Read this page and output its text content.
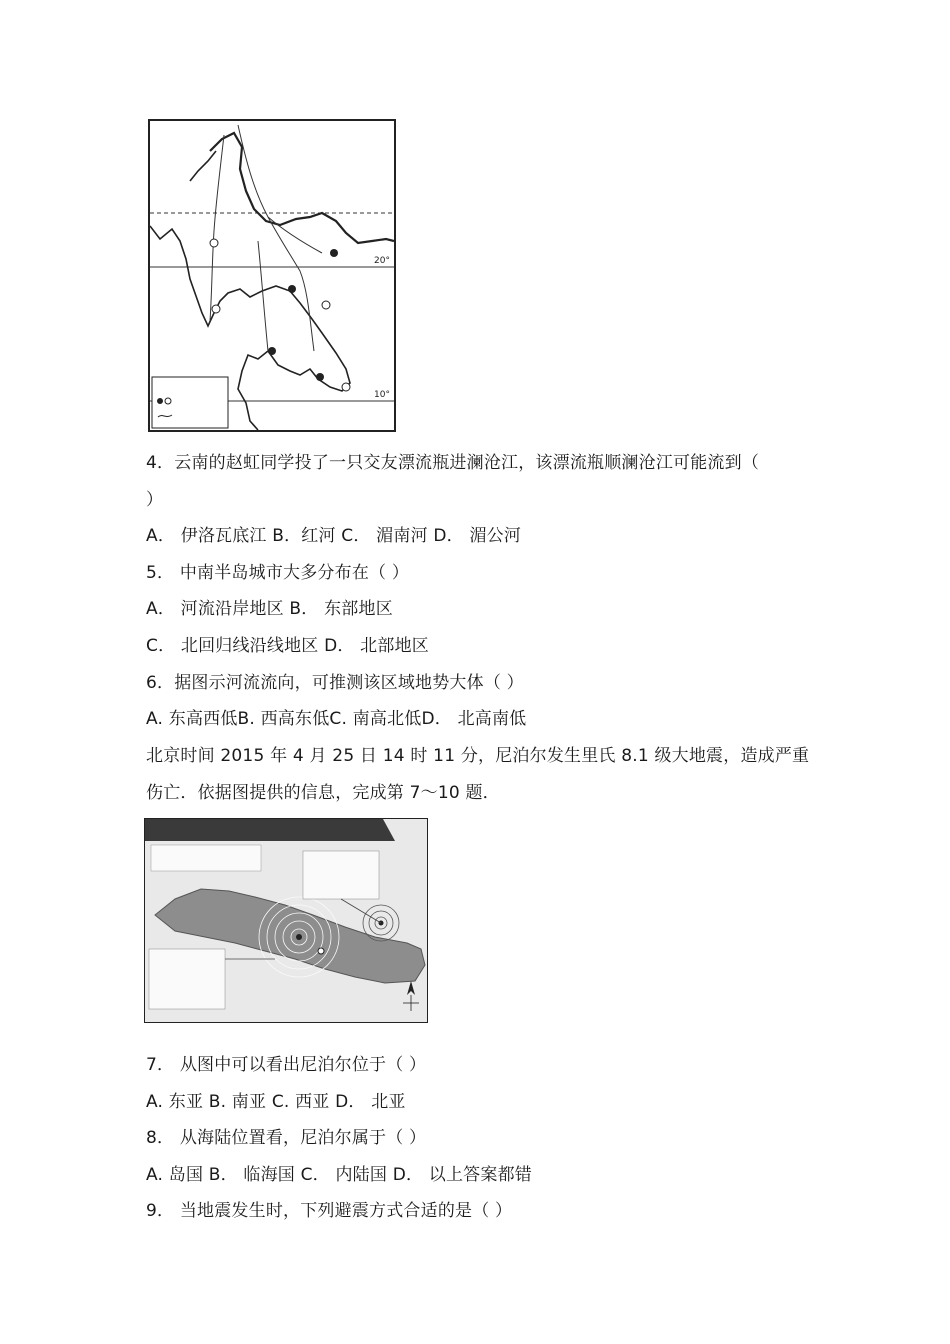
20°
10°
4．云南的赵虹同学投了一只交友漂流瓶进澜沧江，该漂流瓶顺澜沧江可能流到（
）
A． 伊洛瓦底江 B．红河 C． 湄南河 D． 湄公河
5． 中南半岛城市大多分布在（ ）
A． 河流沿岸地区 B． 东部地区
C． 北回归线沿线地区 D． 北部地区
6．据图示河流流向，可推测该区域地势大体（ ）
A. 东高西低B. 西高东低C. 南高北低D． 北高南低
北京时间 2015 年 4 月 25 日 14 时 11 分，尼泊尔发生里氏 8.1 级大地震，造成严重
伤亡．依据图提供的信息，完成第 7～10 题．
7． 从图中可以看出尼泊尔位于（ ）
A. 东亚 B. 南亚 C. 西亚 D． 北亚
8． 从海陆位置看，尼泊尔属于（ ）
A. 岛国 B． 临海国 C． 内陆国 D． 以上答案都错
9． 当地震发生时，下列避震方式合适的是（ ）
